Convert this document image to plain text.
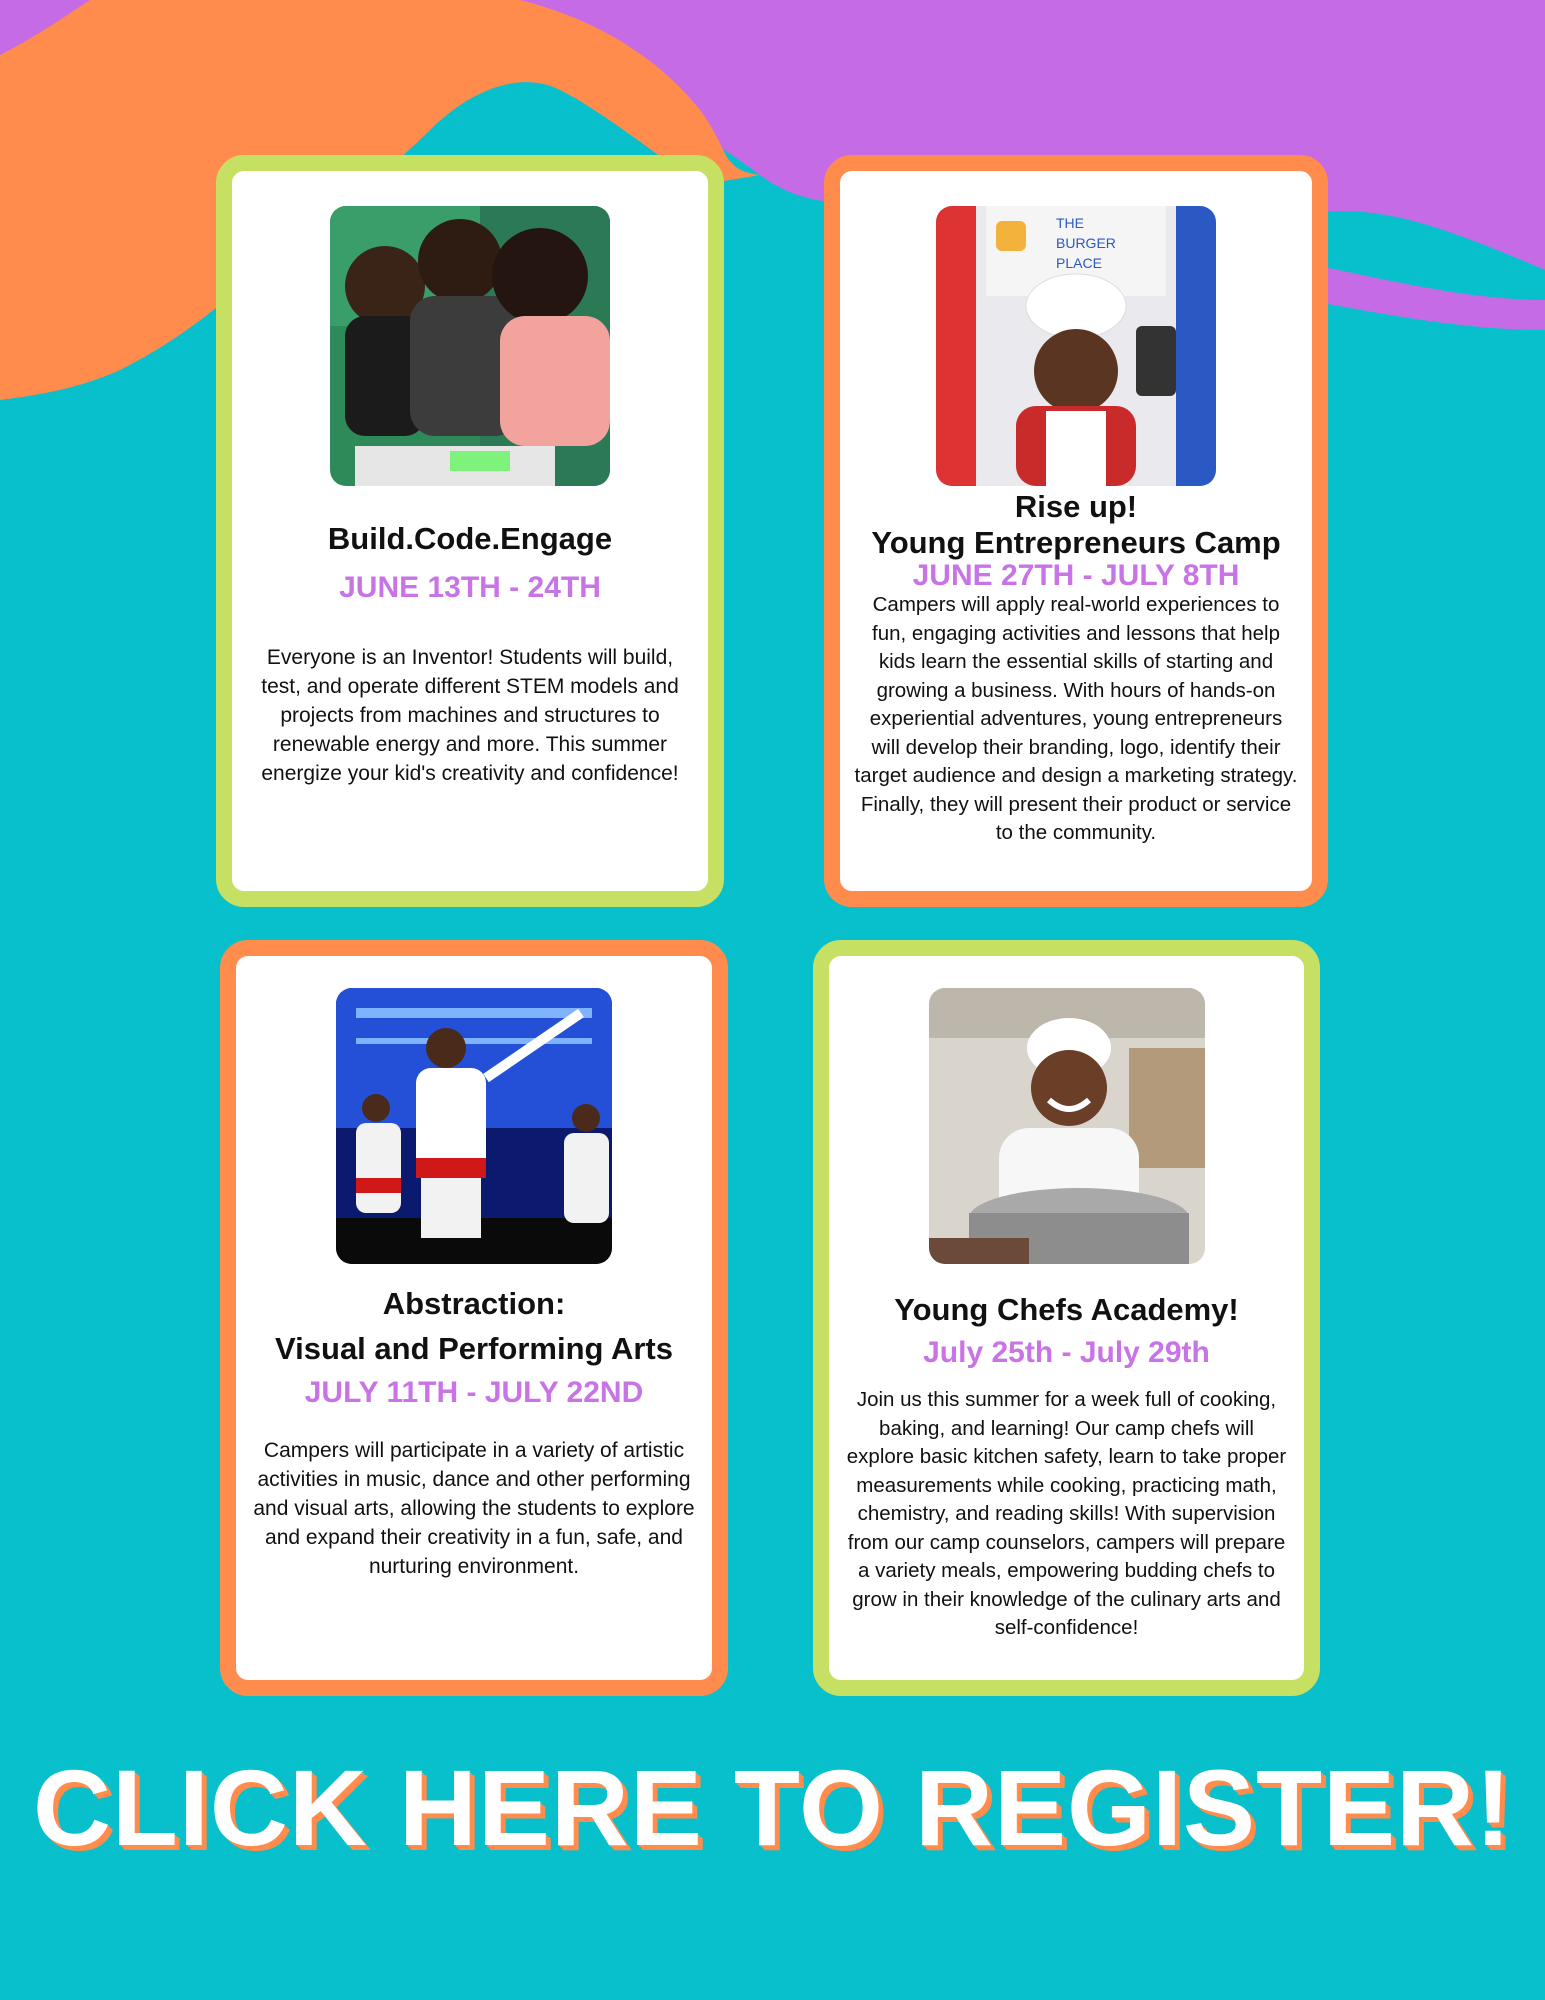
Build.Code.Engage
JUNE 13TH - 24TH
Everyone is an Inventor! Students will build, test, and operate different STEM models and projects from machines and structures to renewable energy and more. This summer energize your kid's creativity and confidence!
THE
BURGER
PLACE
Rise up!
Young Entrepreneurs Camp
JUNE 27TH - JULY 8TH
Campers will apply real-world experiences to fun, engaging activities and lessons that help kids learn the essential skills of starting and growing a business. With hours of hands-on experiential adventures, young entrepreneurs will develop their branding, logo, identify their target audience and design a marketing strategy. Finally, they will present their product or service to the community.
Abstraction:
Visual and Performing Arts
JULY 11TH - JULY 22ND
Campers will participate in a variety of artistic activities in music, dance and other performing and visual arts, allowing the students to explore and expand their creativity in a fun, safe, and nurturing environment.
Young Chefs Academy!
July 25th - July 29th
Join us this summer for a week full of cooking, baking, and learning! Our camp chefs will explore basic kitchen safety, learn to take proper measurements while cooking, practicing math, chemistry, and reading skills! With supervision from our camp counselors, campers will prepare a variety meals, empowering budding chefs to grow in their knowledge of the culinary arts and self-confidence!
CLICK HERE TO REGISTER!
